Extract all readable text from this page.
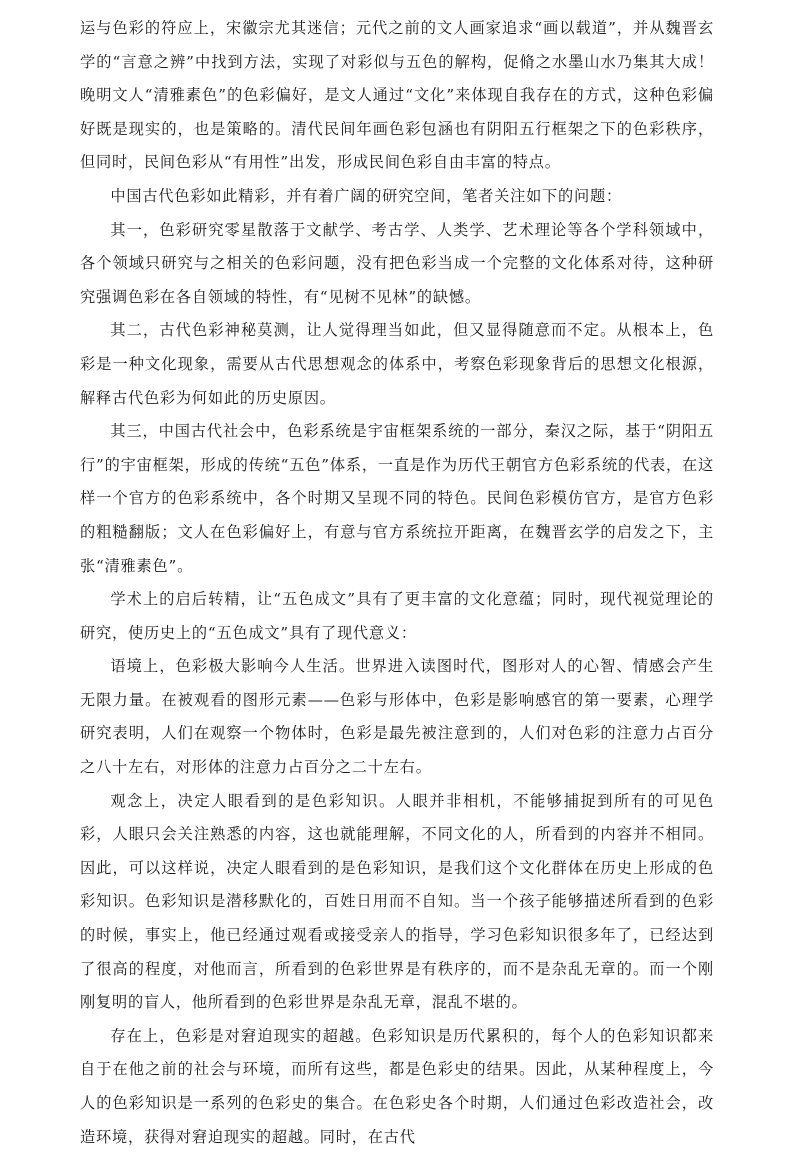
运与色彩的符应上，宋徽宗尤其迷信；元代之前的文人画家追求“画以载道”，并从魏晋玄学的“言意之辨”中找到方法，实现了对彩似与五色的解构，促脩之水墨山水乃集其大成！晚明文人“清雅素色”的色彩偏好，是文人通过“文化”来体现自我存在的方式，这种色彩偏好既是现实的，也是策略的。清代民间年画色彩包涵也有阴阳五行框架之下的色彩秩序，但同时，民间色彩从“有用性”出发，形成民间色彩自由丰富的特点。

中国古代色彩如此精彩，并有着广阔的研究空间，笔者关注如下的问题：

其一，色彩研究零星散落于文献学、考古学、人类学、艺术理论等各个学科领域中，各个领域只研究与之相关的色彩问题，没有把色彩当成一个完整的文化体系对待，这种研究强调色彩在各自领域的特性，有“见树不见林”的缺憾。

其二，古代色彩神秘莫测，让人觉得理当如此，但又显得随意而不定。从根本上，色彩是一种文化现象，需要从古代思想观念的体系中，考察色彩现象背后的思想文化根源，解释古代色彩为何如此的历史原因。

其三，中国古代社会中，色彩系统是宇宙框架系统的一部分，秦汉之际，基于“阴阳五行”的宇宙框架，形成的传统“五色”体系，一直是作为历代王朝官方色彩系统的代表，在这样一个官方的色彩系统中，各个时期又呈现不同的特色。民间色彩模仿官方，是官方色彩的粗糙翻版；文人在色彩偏好上，有意与官方系统拉开距离，在魏晋玄学的启发之下，主张“清雅素色”。

学术上的启后转精，让“五色成文”具有了更丰富的文化意蕴；同时，现代视觉理论的研究，使历史上的“五色成文”具有了现代意义：

语境上，色彩极大影响今人生活。世界进入读图时代，图形对人的心智、情感会产生无限力量。在被观看的图形元素——色彩与形体中，色彩是影响感官的第一要素，心理学研究表明，人们在观察一个物体时，色彩是最先被注意到的，人们对色彩的注意力占百分之八十左右，对形体的注意力占百分之二十左右。

观念上，决定人眼看到的是色彩知识。人眼并非相机，不能够捕捉到所有的可见色彩，人眼只会关注熟悉的内容，这也就能理解，不同文化的人，所看到的内容并不相同。因此，可以这样说，决定人眼看到的是色彩知识，是我们这个文化群体在历史上形成的色彩知识。色彩知识是潜移默化的，百姓日用而不自知。当一个孩子能够描述所看到的色彩的时候，事实上，他已经通过观看或接受亲人的指导，学习色彩知识很多年了，已经达到了很高的程度，对他而言，所看到的色彩世界是有秩序的，而不是杂乱无章的。而一个刚刚复明的盲人，他所看到的色彩世界是杂乱无章，混乱不堪的。

存在上，色彩是对窘迫现实的超越。色彩知识是历代累积的，每个人的色彩知识都来自于在他之前的社会与环境，而所有这些，都是色彩史的结果。因此，从某种程度上，今人的色彩知识是一系列的色彩史的集合。在色彩史各个时期，人们通过色彩改造社会，改造环境，获得对窘迫现实的超越。同时，在古代
